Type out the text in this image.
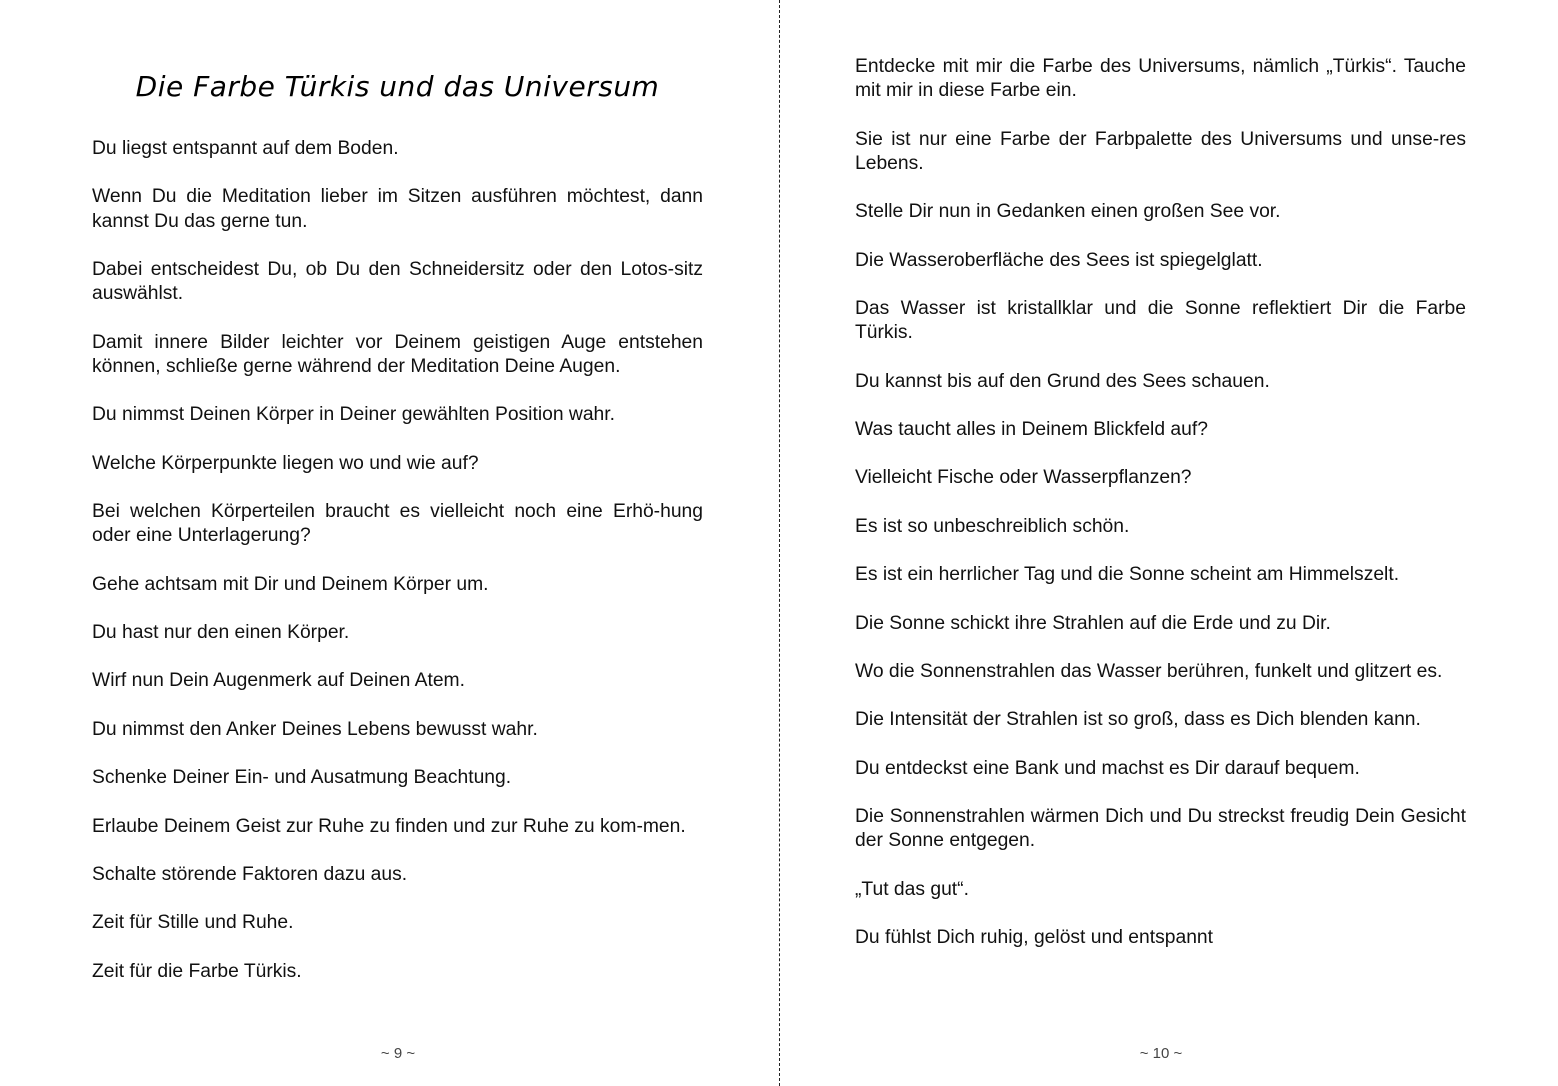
Die Farbe Türkis und das Universum

Du liegst entspannt auf dem Boden.

Wenn Du die Meditation lieber im Sitzen ausführen möchtest, dann kannst Du das gerne tun.

Dabei entscheidest Du, ob Du den Schneidersitz oder den Lotos-sitz auswählst.

Damit innere Bilder leichter vor Deinem geistigen Auge entstehen können, schließe gerne während der Meditation Deine Augen.

Du nimmst Deinen Körper in Deiner gewählten Position wahr.

Welche Körperpunkte liegen wo und wie auf?

Bei welchen Körperteilen braucht es vielleicht noch eine Erhö-hung oder eine Unterlagerung?

Gehe achtsam mit Dir und Deinem Körper um.

Du hast nur den einen Körper.

Wirf nun Dein Augenmerk auf Deinen Atem.

Du nimmst den Anker Deines Lebens bewusst wahr.

Schenke Deiner Ein- und Ausatmung Beachtung.

Erlaube Deinem Geist zur Ruhe zu finden und zur Ruhe zu kom-men.

Schalte störende Faktoren dazu aus.

Zeit für Stille und Ruhe.

Zeit für die Farbe Türkis.

~ 9 ~

Entdecke mit mir die Farbe des Universums, nämlich „Türkis“. Tauche mit mir in diese Farbe ein.

Sie ist nur eine Farbe der Farbpalette des Universums und unse-res Lebens.

Stelle Dir nun in Gedanken einen großen See vor.

Die Wasseroberfläche des Sees ist spiegelglatt.

Das Wasser ist kristallklar und die Sonne reflektiert Dir die Farbe Türkis.

Du kannst bis auf den Grund des Sees schauen.

Was taucht alles in Deinem Blickfeld auf?

Vielleicht Fische oder Wasserpflanzen?

Es ist so unbeschreiblich schön.

Es ist ein herrlicher Tag und die Sonne scheint am Himmelszelt.

Die Sonne schickt ihre Strahlen auf die Erde und zu Dir.

Wo die Sonnenstrahlen das Wasser berühren, funkelt und glitzert es.

Die Intensität der Strahlen ist so groß, dass es Dich blenden kann.

Du entdeckst eine Bank und machst es Dir darauf bequem.

Die Sonnenstrahlen wärmen Dich und Du streckst freudig Dein Gesicht der Sonne entgegen.

„Tut das gut“.

Du fühlst Dich ruhig, gelöst und entspannt

~ 10 ~
